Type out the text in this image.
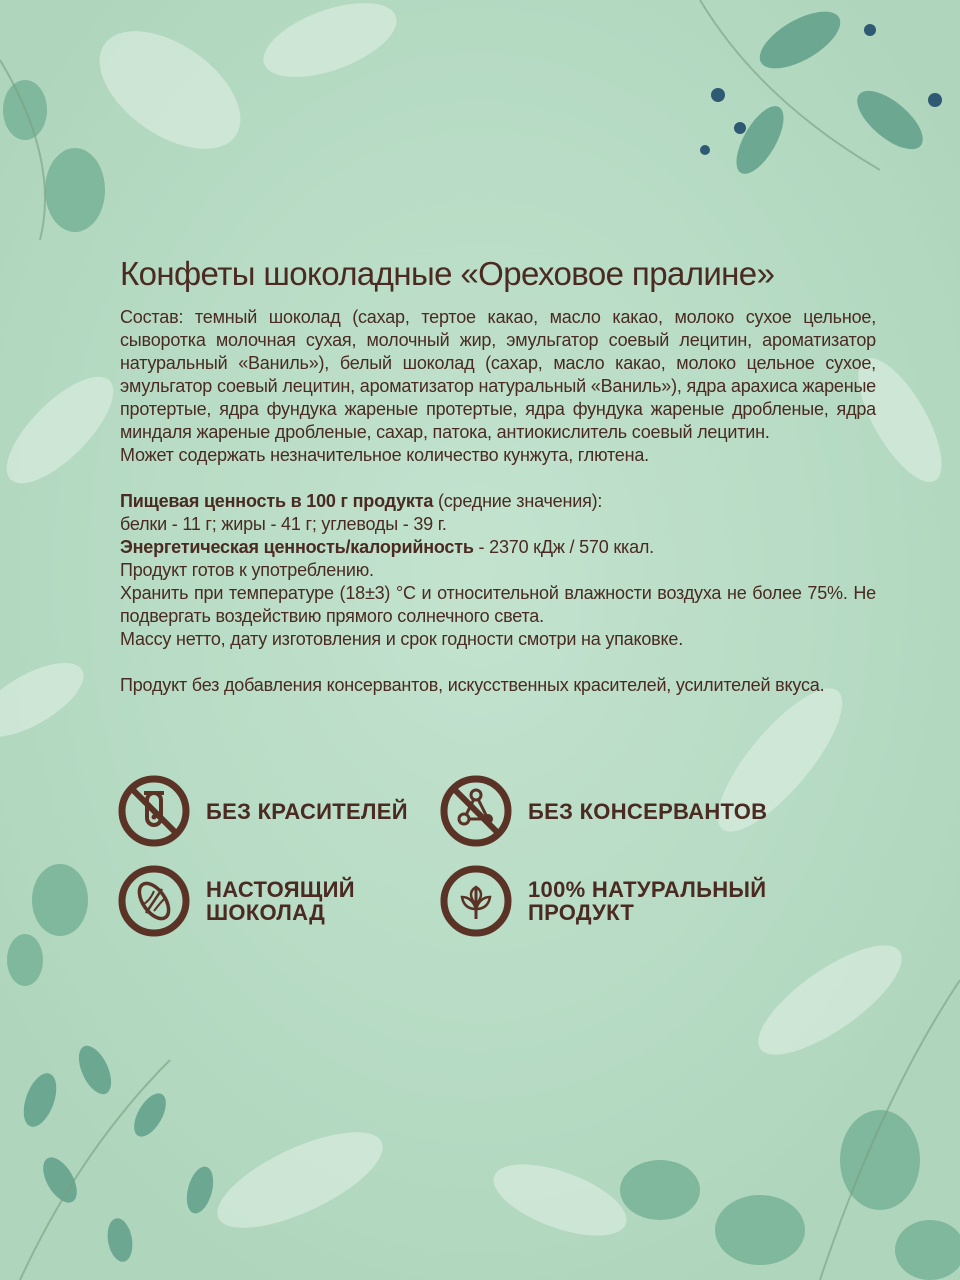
Конфеты шоколадные «Ореховое пралине»

Состав: темный шоколад (сахар, тертое какао, масло какао, молоко сухое цельное, сыворотка молочная сухая, молочный жир, эмульгатор соевый лецитин, ароматизатор натуральный «Ваниль»), белый шоколад (сахар, масло какао, молоко цельное сухое, эмульгатор соевый лецитин, ароматизатор натуральный «Ваниль»), ядра арахиса жареные протертые, ядра фундука жареные протертые, ядра фундука жареные дробленые, ядра миндаля жареные дробленые, сахар, патока, антиокислитель соевый лецитин.

Может содержать незначительное количество кунжута, глютена.

Пищевая ценность в 100 г продукта (средние значения):

белки - 11 г; жиры - 41 г; углеводы - 39 г.

Энергетическая ценность/калорийность - 2370 кДж / 570 ккал.

Продукт готов к употреблению.

Хранить при температуре (18±3) °С и относительной влажности воздуха не более 75%. Не подвергать воздействию прямого солнечного света.

Массу нетто, дату изготовления и срок годности смотри на упаковке.

Продукт без добавления консервантов, искусственных красителей, усилителей вкуса.

БЕЗ КРАСИТЕЛЕЙ	БЕЗ КОНСЕРВАНТОВ
НАСТОЯЩИЙ
ШОКОЛАД
100% НАТУРАЛЬНЫЙ
ПРОДУКТ
